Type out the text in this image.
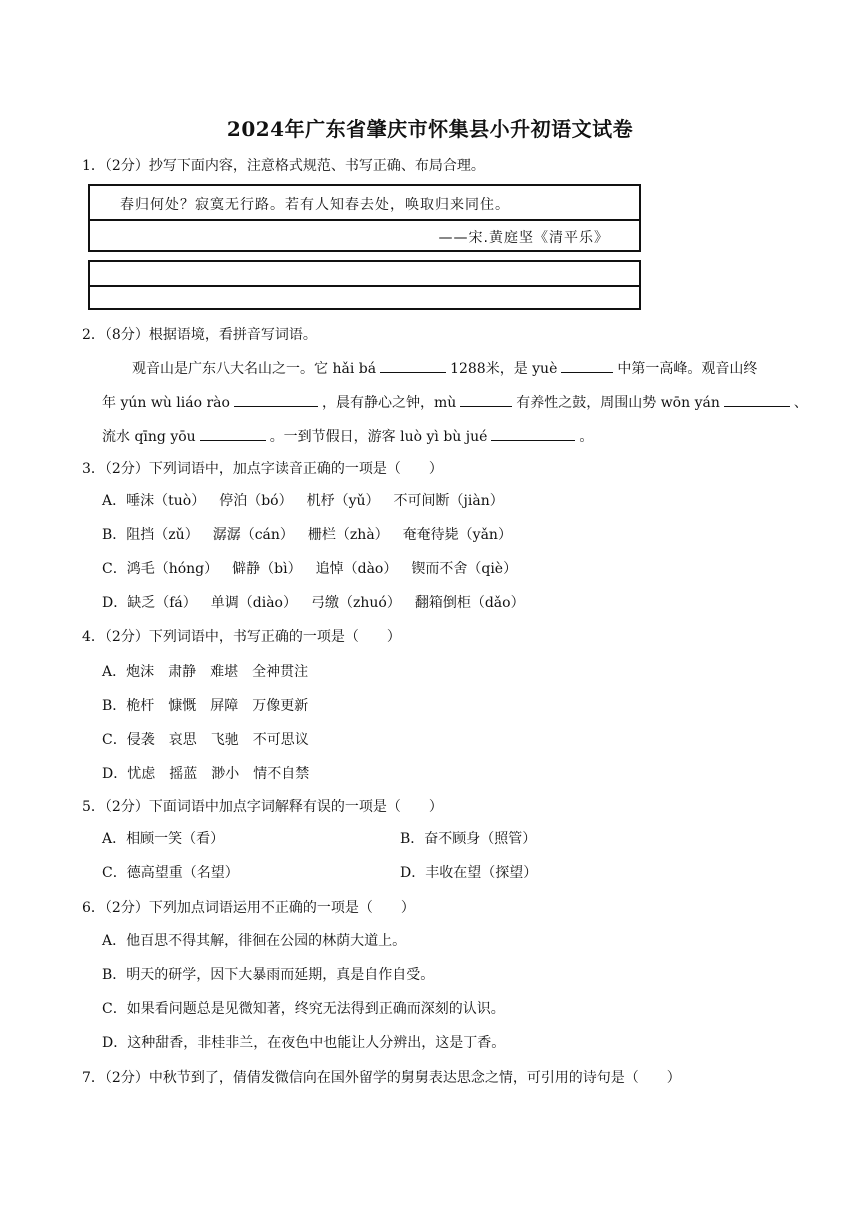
2024年广东省肇庆市怀集县小升初语文试卷
1．（2分）抄写下面内容，注意格式规范、书写正确、布局合理。
春归何处？寂寞无行路。若有人知春去处，唤取归来同住。
——宋.黄庭坚《清平乐》
2．（8分）根据语境，看拼音写词语。
观音山是广东八大名山之一。它 hǎi bá	1288米，是 yuè	中第一高峰。观音山终
年 yún wù liáo rào	，晨有静心之钟，mù	有养性之鼓，周围山势 wōn yán	、
流水 qīng yōu	。一到节假日，游客 luò yì bù jué	。
3．（2分）下列词语中，加点字读音正确的一项是（　　）
A．唾沫（tuò） 停泊（bó） 机杼（yǔ） 不可间断（jiàn）
B．阻挡（zǔ） 潺潺（cán） 栅栏（zhà） 奄奄待毙（yǎn）
C．鸿毛（hóng） 僻静（bì） 追悼（dào） 锲而不舍（qiè）
D．缺乏（fá） 单调（diào） 弓缴（zhuó） 翻箱倒柜（dǎo）
4．（2分）下列词语中，书写正确的一项是（　　）
A．炮沫　肃静　难堪　全神贯注
B．桅杆　慷慨　屏障　万像更新
C．侵袭　哀思　飞驰　不可思议
D．忧虑　摇蓝　渺小　情不自禁
5．（2分）下面词语中加点字词解释有误的一项是（　　）
A．相顾一笑（看）	B．奋不顾身（照管）
C．德高望重（名望）	D．丰收在望（探望）
6．（2分）下列加点词语运用不正确的一项是（　　）
A．他百思不得其解，徘徊在公园的林荫大道上。
B．明天的研学，因下大暴雨而延期，真是自作自受。
C．如果看问题总是见微知著，终究无法得到正确而深刻的认识。
D．这种甜香，非桂非兰，在夜色中也能让人分辨出，这是丁香。
7．（2分）中秋节到了，倩倩发微信向在国外留学的舅舅表达思念之情，可引用的诗句是（　　）
